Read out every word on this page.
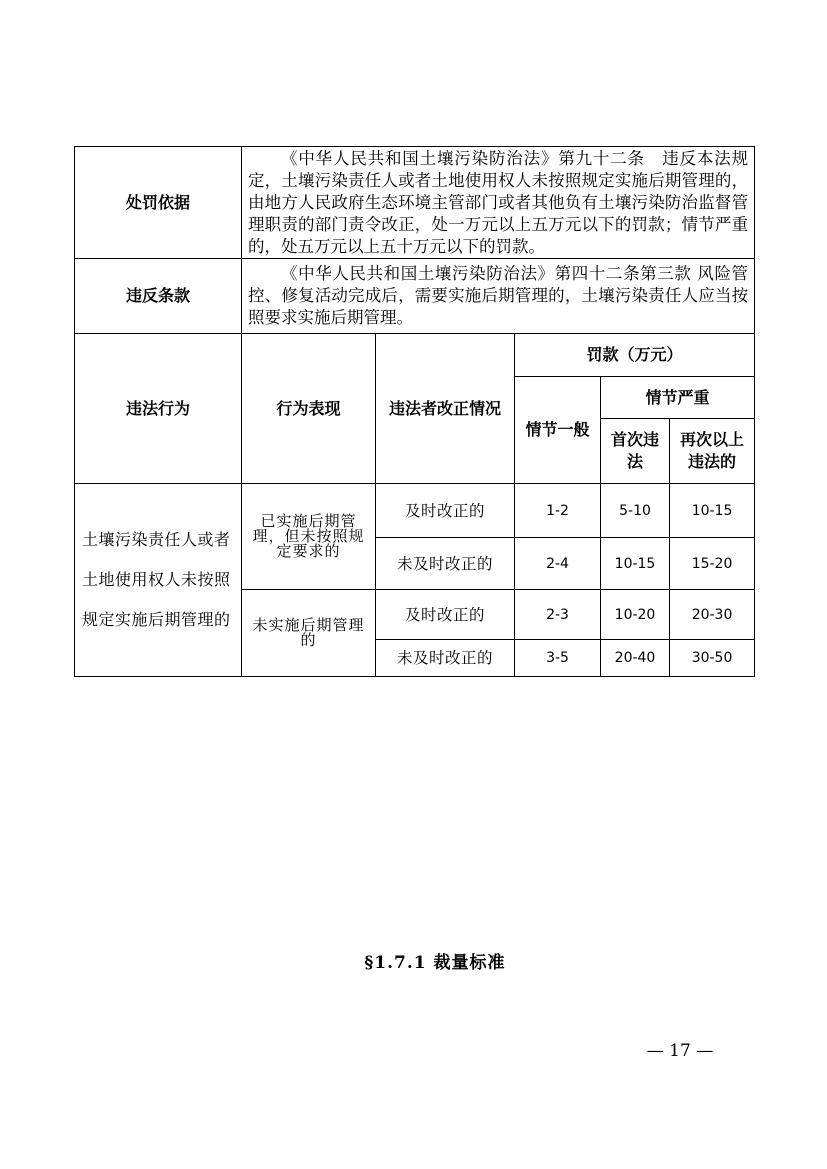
处罚依据	《中华人民共和国土壤污染防治法》第九十二条　违反本法规定，土壤污染责任人或者土地使用权人未按照规定实施后期管理的，由地方人民政府生态环境主管部门或者其他负有土壤污染防治监督管理职责的部门责令改正，处一万元以上五万元以下的罚款；情节严重的，处五万元以上五十万元以下的罚款。				
违反条款	《中华人民共和国土壤污染防治法》第四十二条第三款 风险管控、修复活动完成后，需要实施后期管理的，土壤污染责任人应当按照要求实施后期管理。				
违法行为	行为表现	违法者改正情况	罚款（万元）		
			情节一般	情节严重	
				首次违法	再次以上违法的
土壤污染责任人或者土地使用权人未按照规定实施后期管理的	已实施后期管理，但未按照规定要求的	及时改正的	1-2	5-10	10-15
		未及时改正的	2-4	10-15	15-20
	未实施后期管理的	及时改正的	2-3	10-20	20-30
		未及时改正的	3-5	20-40	30-50
§1.7.1 裁量标准
— 17 —
